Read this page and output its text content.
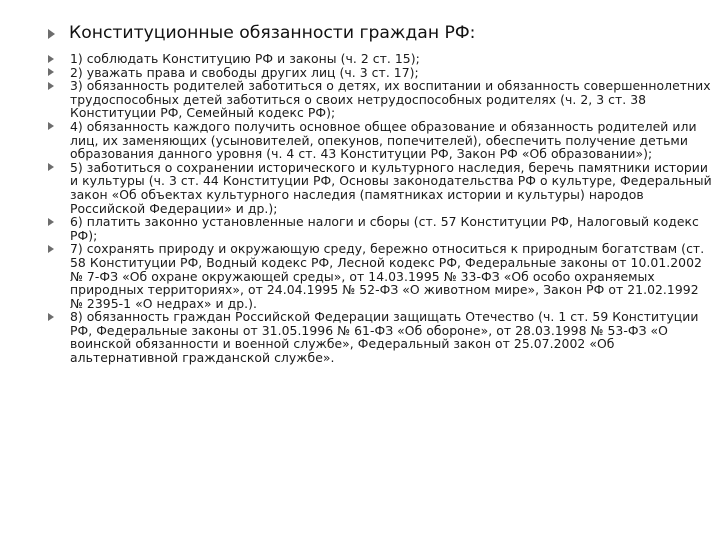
Конституционные обязанности граждан РФ:
1) соблюдать Конституцию РФ и законы (ч. 2 ст. 15);
2) уважать права и свободы других лиц (ч. 3 ст. 17);
3) обязанность родителей заботиться о детях, их воспитании и обязанность совершеннолетних трудоспособных детей заботиться о своих нетрудоспособных родителях (ч. 2, 3 ст. 38 Конституции РФ, Семейный кодекс РФ);
4) обязанность каждого получить основное общее образование и обязанность родителей или лиц, их заменяющих (усыновителей, опекунов, попечителей), обеспечить получение детьми образования данного уровня (ч. 4 ст. 43 Конституции РФ, Закон РФ «Об образовании»);
5) заботиться о сохранении исторического и культурного наследия, беречь памятники истории и культуры (ч. 3 ст. 44 Конституции РФ, Основы законодательства РФ о культуре, Федеральный закон «Об объектах культурного наследия (памятниках истории и культуры) народов Российской Федерации» и др.);
6) платить законно установленные налоги и сборы (ст. 57 Конституции РФ, Налоговый кодекс РФ);
7) сохранять природу и окружающую среду, бережно относиться к природным богатствам (ст. 58 Конституции РФ, Водный кодекс РФ, Лесной кодекс РФ, Федеральные законы от 10.01.2002 № 7-ФЗ «Об охране окружающей среды», от 14.03.1995 № 33-ФЗ «Об особо охраняемых природных территориях», от 24.04.1995 № 52-ФЗ «О животном мире», Закон РФ от 21.02.1992 № 2395-1 «О недрах» и др.).
8) обязанность граждан Российской Федерации защищать Отечество (ч. 1 ст. 59 Конституции РФ, Федеральные законы от 31.05.1996 № 61-ФЗ «Об обороне», от 28.03.1998 № 53-ФЗ «О воинской обязанности и военной службе», Федеральный закон от 25.07.2002 «Об альтернативной гражданской службе».
